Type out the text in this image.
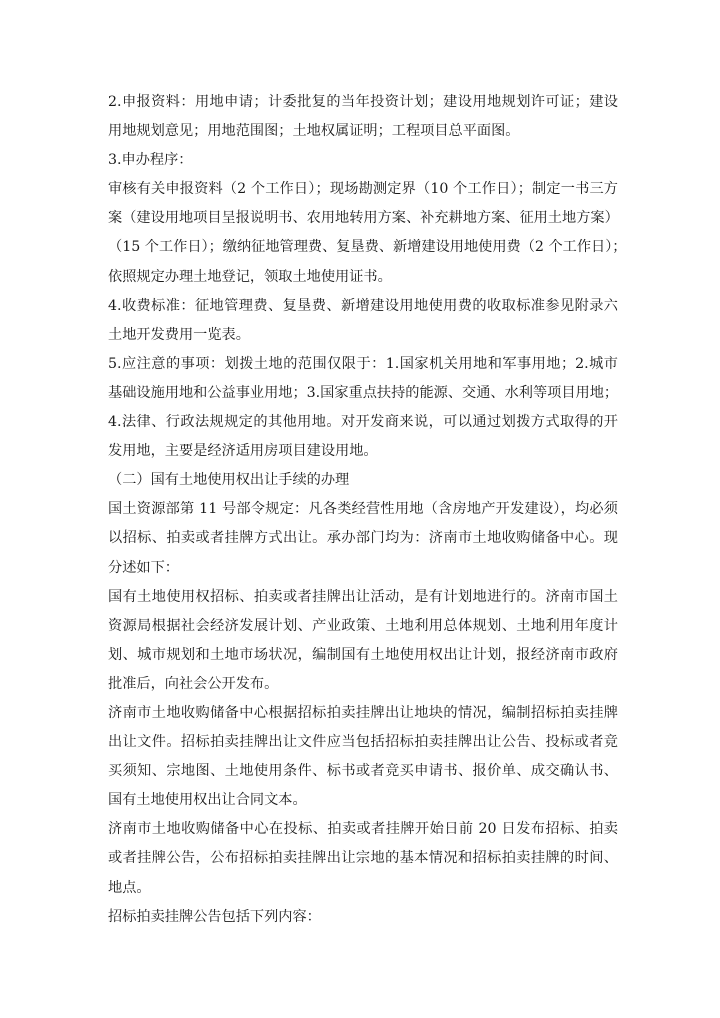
2.申报资料：用地申请；计委批复的当年投资计划；建设用地规划许可证；建设
用地规划意见；用地范围图；土地权属证明；工程项目总平面图。
3.申办程序：
审核有关申报资料（2 个工作日）；现场勘测定界（10 个工作日）；制定一书三方
案（建设用地项目呈报说明书、农用地转用方案、补充耕地方案、征用土地方案）
（15 个工作日）；缴纳征地管理费、复垦费、新增建设用地使用费（2 个工作日）；
依照规定办理土地登记，领取土地使用证书。
4.收费标准：征地管理费、复垦费、新增建设用地使用费的收取标准参见附录六
土地开发费用一览表。
5.应注意的事项：划拨土地的范围仅限于：1.国家机关用地和军事用地；2.城市
基础设施用地和公益事业用地；3.国家重点扶持的能源、交通、水利等项目用地；
4.法律、行政法规规定的其他用地。对开发商来说，可以通过划拨方式取得的开
发用地，主要是经济适用房项目建设用地。
（二）国有土地使用权出让手续的办理
国土资源部第 11 号部令规定：凡各类经营性用地（含房地产开发建设），均必须
以招标、拍卖或者挂牌方式出让。承办部门均为：济南市土地收购储备中心。现
分述如下：
国有土地使用权招标、拍卖或者挂牌出让活动，是有计划地进行的。济南市国土
资源局根据社会经济发展计划、产业政策、土地利用总体规划、土地利用年度计
划、城市规划和土地市场状况，编制国有土地使用权出让计划，报经济南市政府
批准后，向社会公开发布。
济南市土地收购储备中心根据招标拍卖挂牌出让地块的情况，编制招标拍卖挂牌
出让文件。招标拍卖挂牌出让文件应当包括招标拍卖挂牌出让公告、投标或者竞
买须知、宗地图、土地使用条件、标书或者竞买申请书、报价单、成交确认书、
国有土地使用权出让合同文本。
济南市土地收购储备中心在投标、拍卖或者挂牌开始日前 20 日发布招标、拍卖
或者挂牌公告，公布招标拍卖挂牌出让宗地的基本情况和招标拍卖挂牌的时间、
地点。
招标拍卖挂牌公告包括下列内容：
